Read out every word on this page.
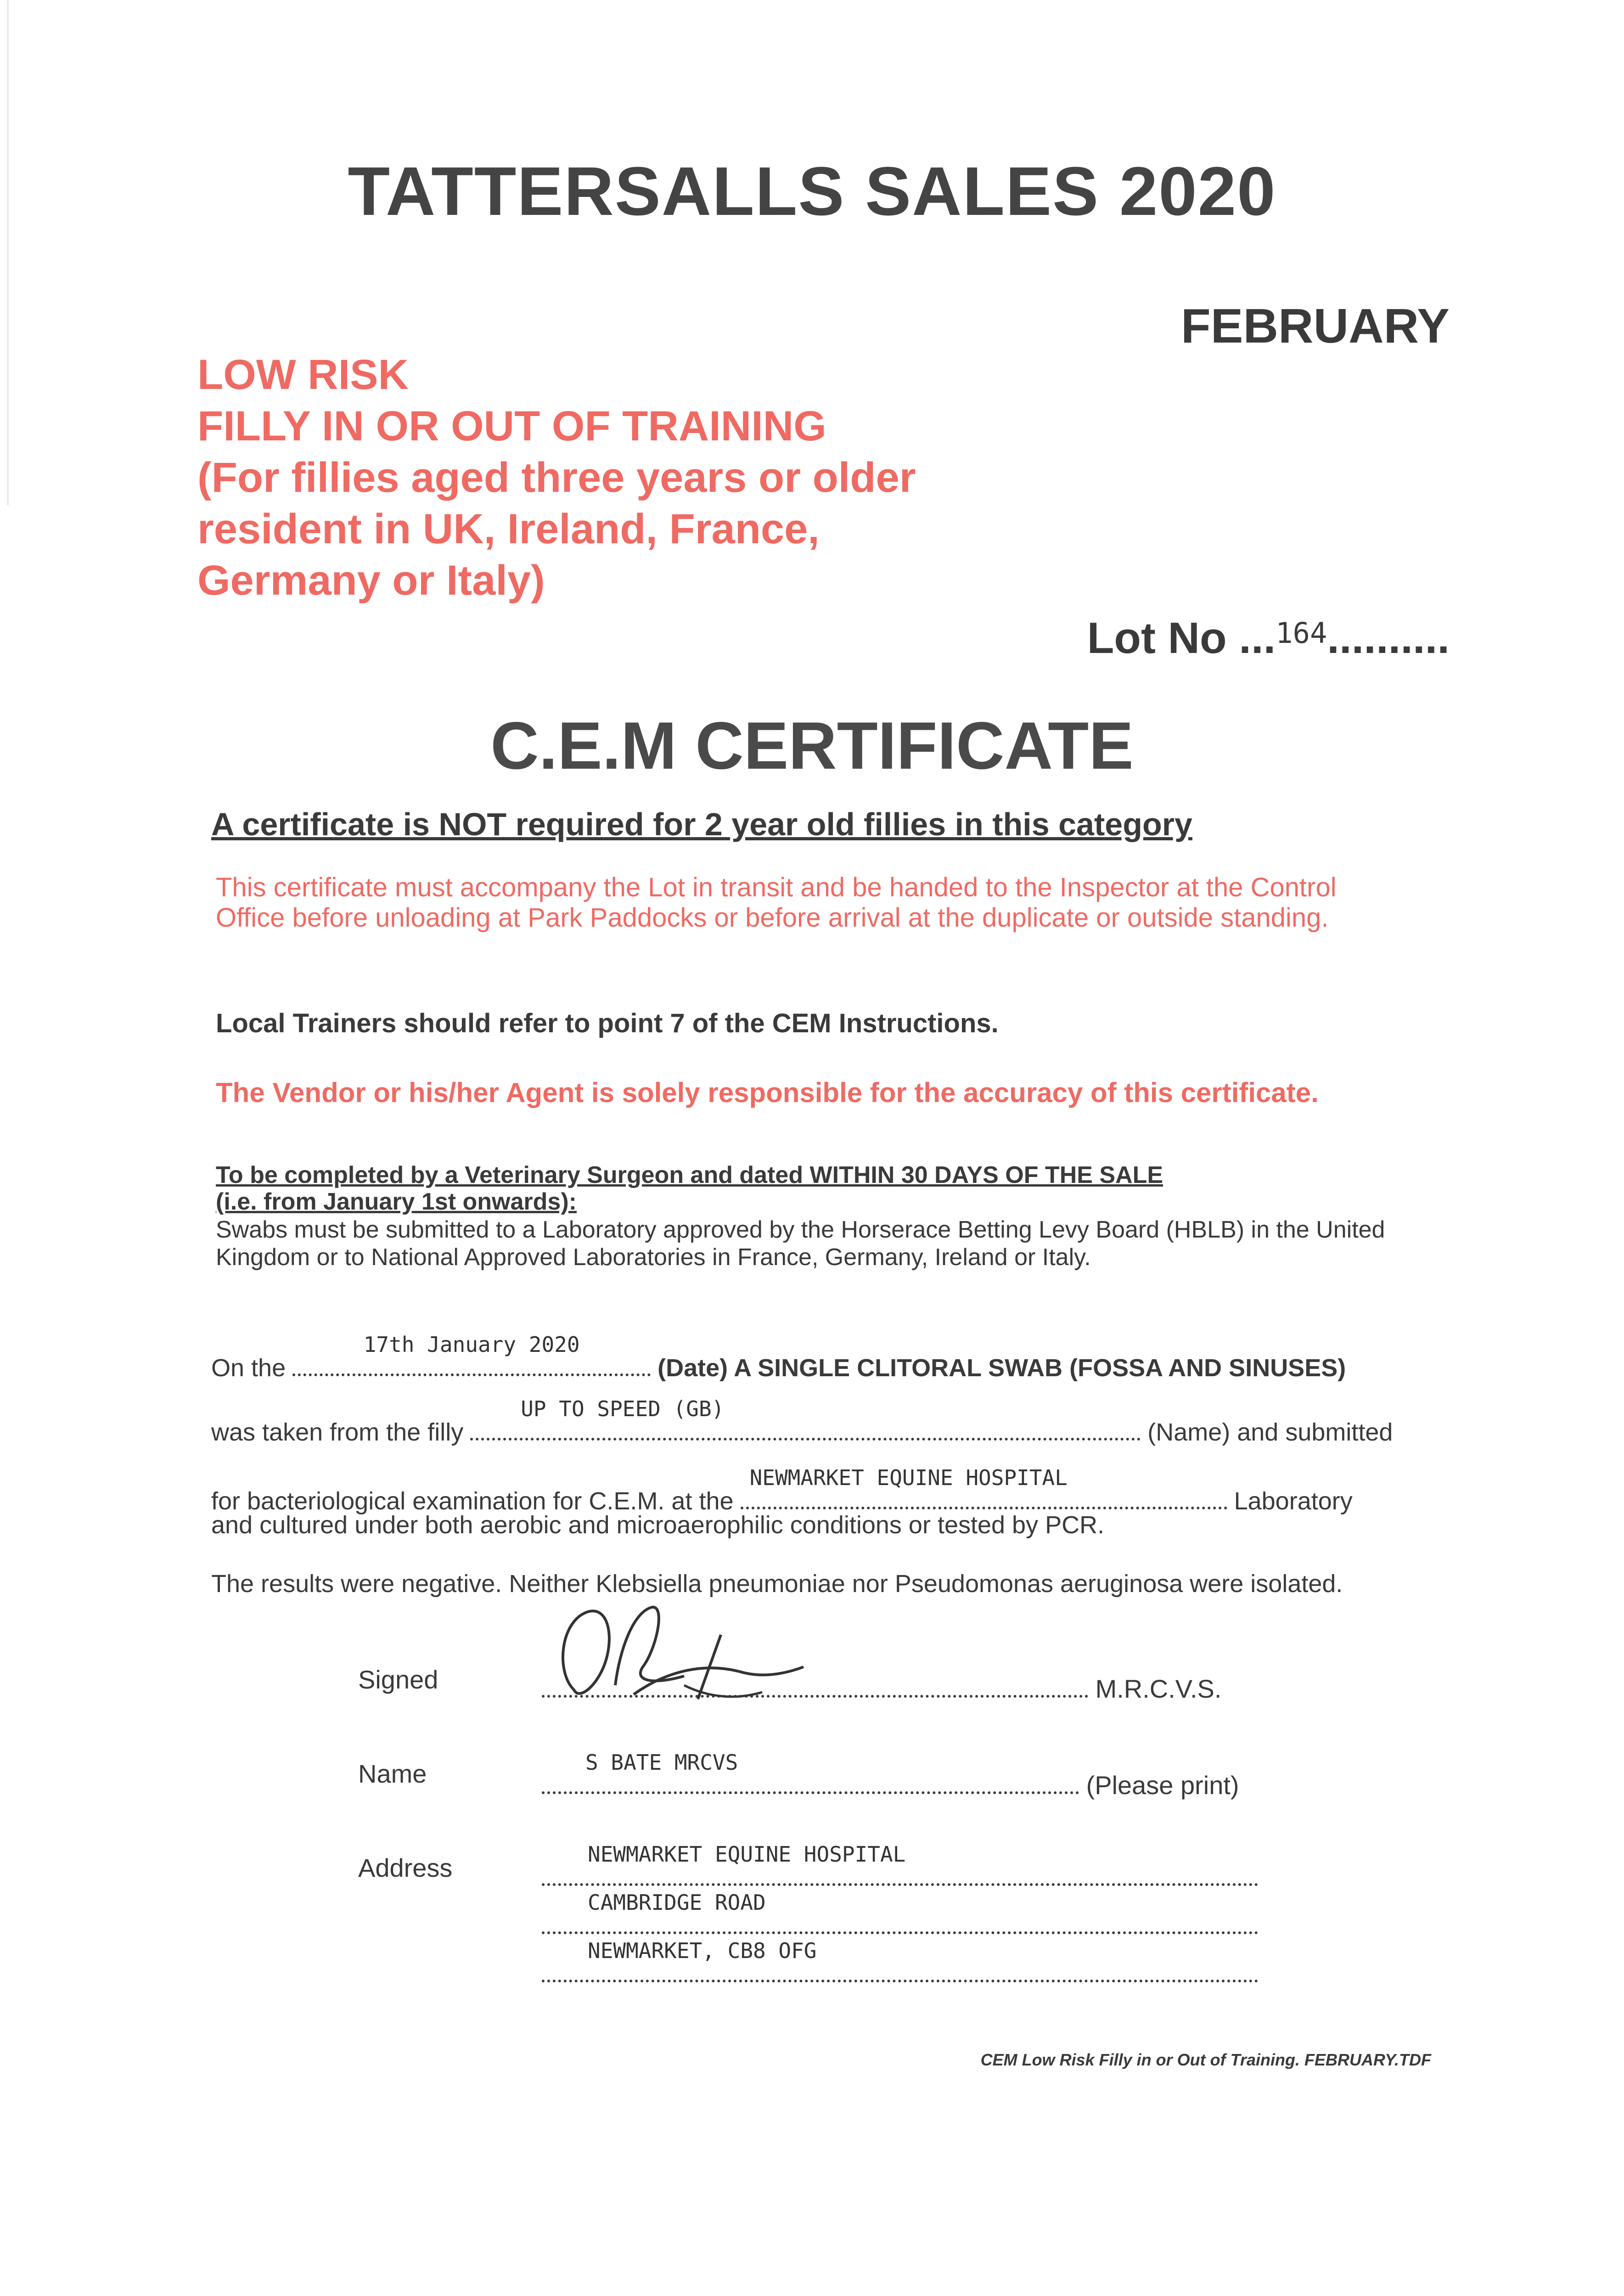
TATTERSALLS SALES 2020
FEBRUARY
LOW RISK
FILLY IN OR OUT OF TRAINING
(For fillies aged three years or older
resident in UK, Ireland, France,
Germany or Italy)
Lot No ...$^{164}$..........
C.E.M CERTIFICATE
A certificate is NOT required for 2 year old fillies in this category
This certificate must accompany the Lot in transit and be handed to the Inspector at the Control Office before unloading at Park Paddocks or before arrival at the duplicate or outside standing.
Local Trainers should refer to point 7 of the CEM Instructions.
The Vendor or his/her Agent is solely responsible for the accuracy of this certificate.
To be completed by a Veterinary Surgeon and dated WITHIN 30 DAYS OF THE SALE
(i.e. from January 1st onwards):
Swabs must be submitted to a Laboratory approved by the Horserace Betting Levy Board (HBLB) in the United Kingdom or to National Approved Laboratories in France, Germany, Ireland or Italy.
On the
17th January 2020
(Date) A SINGLE CLITORAL SWAB (FOSSA AND SINUSES)
was taken from the filly
UP TO SPEED (GB)
(Name) and submitted
for bacteriological examination for C.E.M. at the
NEWMARKET EQUINE HOSPITAL
Laboratory
and cultured under both aerobic and microaerophilic conditions or tested by PCR.
The results were negative. Neither Klebsiella pneumoniae nor Pseudomonas aeruginosa were isolated.
Signed	M.R.C.V.S.
Name	S BATE MRCVS
(Please print)
Address	NEWMARKET EQUINE HOSPITAL
CAMBRIDGE ROAD
NEWMARKET, CB8 OFG
CEM Low Risk Filly in or Out of Training. FEBRUARY.TDF
